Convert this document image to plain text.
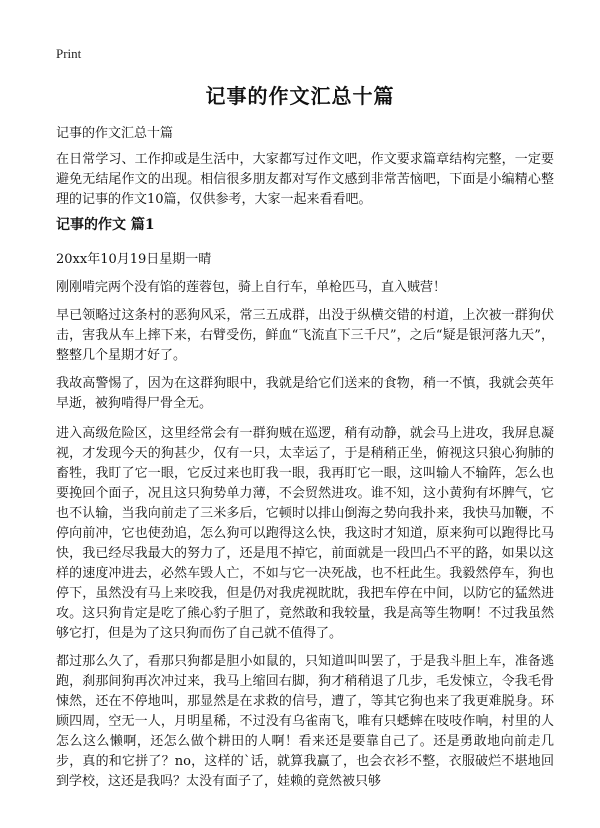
Print
记事的作文汇总十篇

记事的作文汇总十篇

在日常学习、工作抑或是生活中，大家都写过作文吧，作文要求篇章结构完整，一定要避免无结尾作文的出现。相信很多朋友都对写作文感到非常苦恼吧，下面是小编精心整理的记事的作文10篇，仅供参考，大家一起来看看吧。

记事的作文 篇1

20xx年10月19日星期一晴

刚刚啃完两个没有馅的莲蓉包，骑上自行车，单枪匹马，直入贼营！

早已领略过这条村的恶狗风采，常三五成群，出没于纵横交错的村道，上次被一群狗伏击，害我从车上摔下来，右臂受伤，鲜血“飞流直下三千尺”，之后“疑是银河落九天”，整整几个星期才好了。

我故高警惕了，因为在这群狗眼中，我就是给它们送来的食物，稍一不慎，我就会英年早逝，被狗啃得尸骨全无。

进入高级危险区，这里经常会有一群狗贼在巡逻，稍有动静，就会马上进攻，我屏息凝视，才发现今天的狗甚少，仅有一只，太幸运了，于是稍稍正坐，俯视这只狼心狗肺的畜牲，我盯了它一眼，它反过来也盯我一眼，我再盯它一眼，这叫输人不输阵，怎么也要挽回个面子，况且这只狗势单力薄，不会贸然进攻。谁不知，这小黄狗有坏脾气，它也不认输，当我向前走了三米多后，它顿时以排山倒海之势向我扑来，我快马加鞭，不停向前冲，它也使劲追，怎么狗可以跑得这么快，我这时才知道，原来狗可以跑得比马快，我已经尽我最大的努力了，还是甩不掉它，前面就是一段凹凸不平的路，如果以这样的速度冲进去，必然车毁人亡，不如与它一决死战，也不枉此生。我毅然停车，狗也停下，虽然没有马上来咬我，但是仍对我虎视眈眈，我把车停在中间，以防它的猛然进攻。这只狗肯定是吃了熊心豹子胆了，竟然敢和我较量，我是高等生物啊！不过我虽然够它打，但是为了这只狗而伤了自己就不值得了。

都过那么久了，看那只狗都是胆小如鼠的，只知道叫叫罢了，于是我斗胆上车，准备逃跑，刹那间狗再次冲过来，我马上缩回右脚，狗才稍稍退了几步，毛发悚立，令我毛骨悚然，还在不停地叫，那显然是在求救的信号，遭了，等其它狗也来了我更难脱身。环顾四周，空无一人，月明星稀，不过没有乌雀南飞，唯有只蟋蟀在吱吱作响，村里的人怎么这么懒啊，还怎么做个耕田的人啊！看来还是要靠自己了。还是勇敢地向前走几步，真的和它拼了？no，这样的`话，就算我赢了，也会衣衫不整，衣服破烂不堪地回到学校，这还是我吗？太没有面子了，娃赖的竟然被只够
